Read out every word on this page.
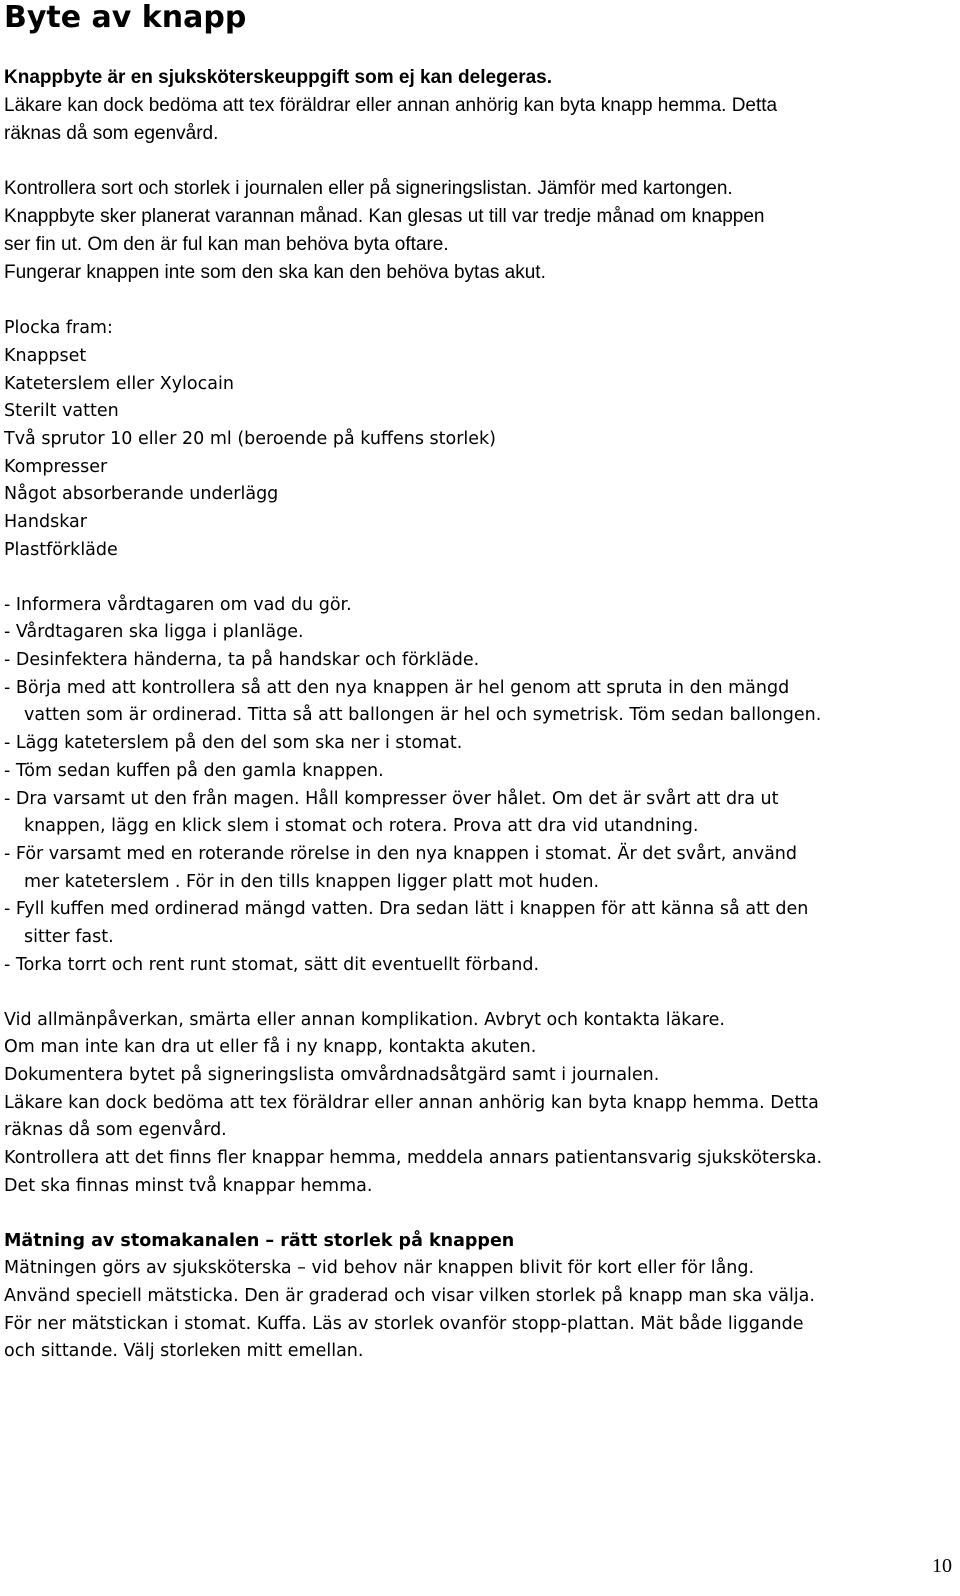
Byte av knapp

Knappbyte är en sjuksköterskeuppgift som ej kan delegeras.

Läkare kan dock bedöma att tex föräldrar eller annan anhörig kan byta knapp hemma. Detta

räknas då som egenvård.

Kontrollera sort och storlek i journalen eller på signeringslistan. Jämför med kartongen.

Knappbyte sker planerat varannan månad. Kan glesas ut till var tredje månad om knappen

ser fin ut. Om den är ful kan man behöva byta oftare.

Fungerar knappen inte som den ska kan den behöva bytas akut.

Plocka fram:

Knappset

Kateterslem eller Xylocain

Sterilt vatten

Två sprutor 10 eller 20 ml (beroende på kuffens storlek)

Kompresser

Något absorberande underlägg

Handskar

Plastförkläde

- Informera vårdtagaren om vad du gör.

- Vårdtagaren ska ligga i planläge.

- Desinfektera händerna, ta på handskar och förkläde.

- Börja med att kontrollera så att den nya knappen är hel genom att spruta in den mängd

vatten som är ordinerad. Titta så att ballongen är hel och symetrisk. Töm sedan ballongen.

- Lägg kateterslem på den del som ska ner i stomat.

- Töm sedan kuffen på den gamla knappen.

- Dra varsamt ut den från magen. Håll kompresser över hålet. Om det är svårt att dra ut

knappen, lägg en klick slem i stomat och rotera. Prova att dra vid utandning.

- För varsamt med en roterande rörelse in den nya knappen i stomat. Är det svårt, använd

mer kateterslem . För in den tills knappen ligger platt mot huden.

- Fyll kuffen med ordinerad mängd vatten. Dra sedan lätt i knappen för att känna så att den

sitter fast.

- Torka torrt och rent runt stomat, sätt dit eventuellt förband.

Vid allmänpåverkan, smärta eller annan komplikation. Avbryt och kontakta läkare.

Om man inte kan dra ut eller få i ny knapp, kontakta akuten.

Dokumentera bytet på signeringslista omvårdnadsåtgärd samt i journalen.

Läkare kan dock bedöma att tex föräldrar eller annan anhörig kan byta knapp hemma. Detta

räknas då som egenvård.

Kontrollera att det finns fler knappar hemma, meddela annars patientansvarig sjuksköterska.

Det ska finnas minst två knappar hemma.

Mätning av stomakanalen – rätt storlek på knappen

Mätningen görs av sjuksköterska – vid behov när knappen blivit för kort eller för lång.

Använd speciell mätsticka. Den är graderad och visar vilken storlek på knapp man ska välja.

För ner mätstickan i stomat. Kuffa. Läs av storlek ovanför stopp-plattan. Mät både liggande

och sittande. Välj storleken mitt emellan.

10
